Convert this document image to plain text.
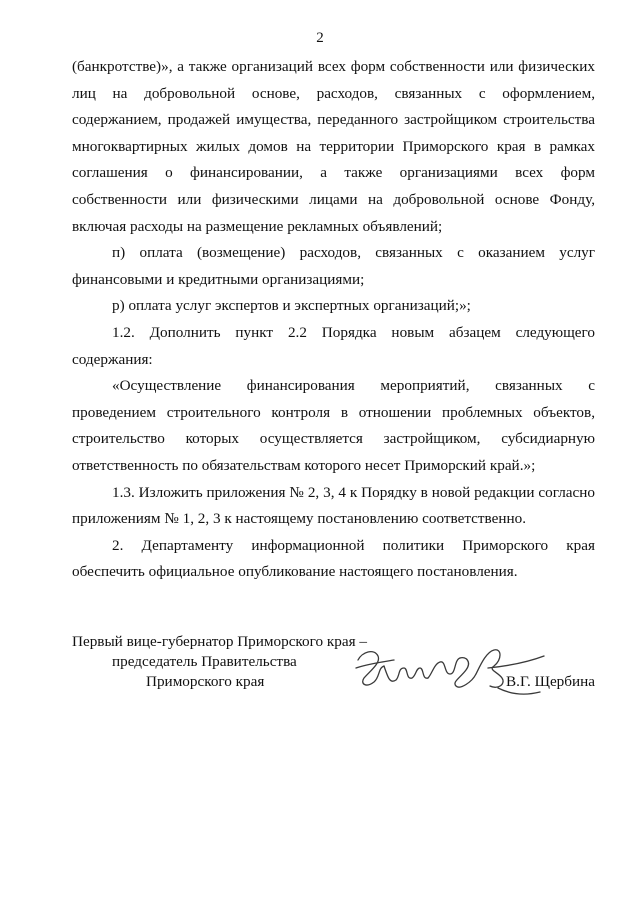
2

(банкротстве)», а также организаций всех форм собственности или физических лиц на добровольной основе, расходов, связанных с оформлением, содержанием, продажей имущества, переданного застройщиком строительства многоквартирных жилых домов на территории Приморского края в рамках соглашения о финансировании, а также организациями всех форм собственности или физическими лицами на добровольной основе Фонду, включая расходы на размещение рекламных объявлений;

п) оплата (возмещение) расходов, связанных с оказанием услуг финансовыми и кредитными организациями;

р) оплата услуг экспертов и экспертных организаций;»;

1.2. Дополнить пункт 2.2 Порядка новым абзацем следующего содержания:

«Осуществление финансирования мероприятий, связанных с проведением строительного контроля в отношении проблемных объектов, строительство которых осуществляется застройщиком, субсидиарную ответственность по обязательствам которого несет Приморский край.»;

1.3. Изложить приложения № 2, 3, 4 к Порядку в новой редакции согласно приложениям № 1, 2, 3 к настоящему постановлению соответственно.

2. Департаменту информационной политики Приморского края обеспечить официальное опубликование настоящего постановления.

Первый вице-губернатор Приморского края –
председатель Правительства
Приморского края	В.Г. Щербина
